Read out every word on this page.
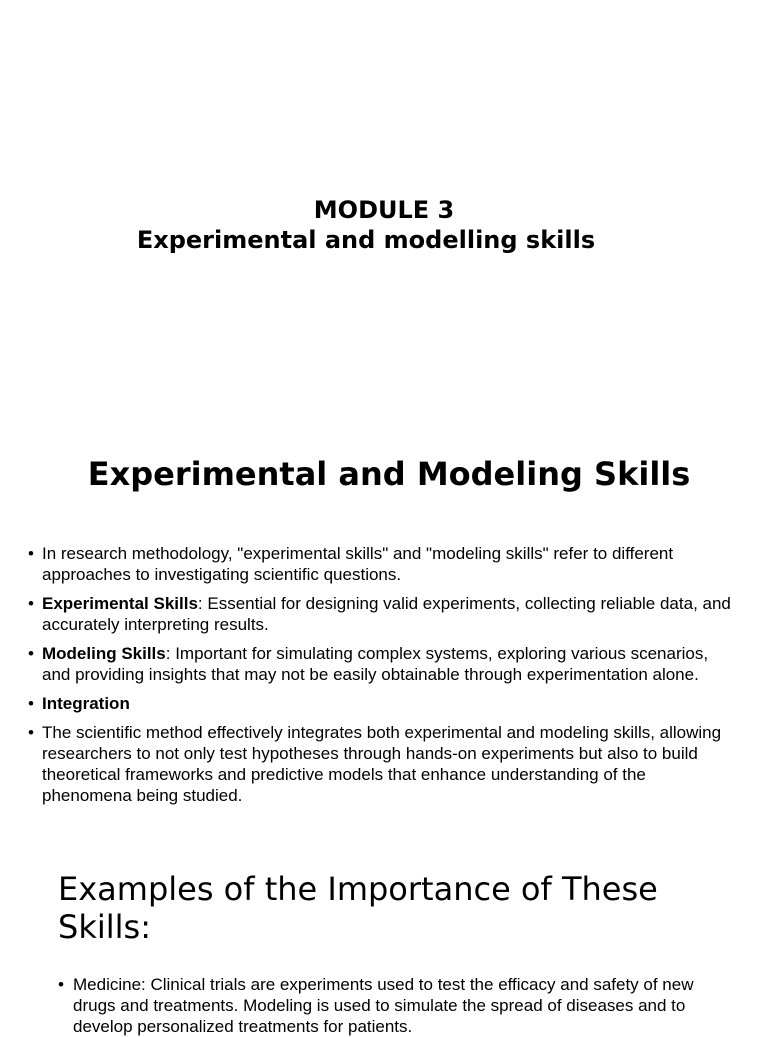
MODULE 3
Experimental and modelling skills
Experimental and Modeling Skills
• In research methodology, "experimental skills" and "modeling skills" refer to different approaches to investigating scientific questions.
• Experimental Skills: Essential for designing valid experiments, collecting reliable data, and accurately interpreting results.
• Modeling Skills: Important for simulating complex systems, exploring various scenarios, and providing insights that may not be easily obtainable through experimentation alone.
• Integration
• The scientific method effectively integrates both experimental and modeling skills, allowing researchers to not only test hypotheses through hands-on experiments but also to build theoretical frameworks and predictive models that enhance understanding of the phenomena being studied.
Examples of the Importance of These Skills:
• Medicine: Clinical trials are experiments used to test the efficacy and safety of new drugs and treatments. Modeling is used to simulate the spread of diseases and to develop personalized treatments for patients.
